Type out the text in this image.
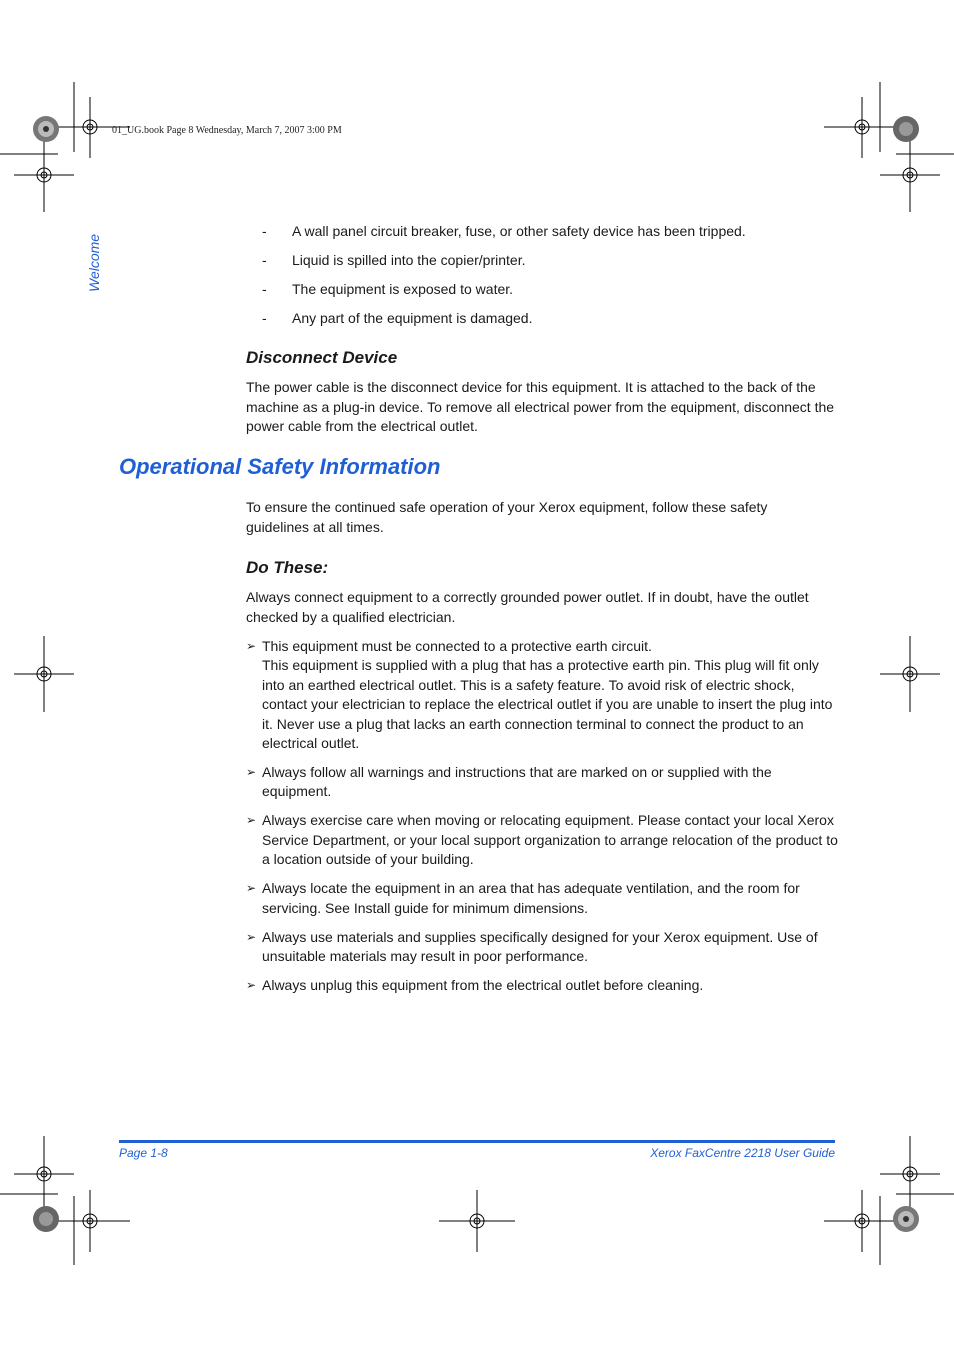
01_UG.book Page 8 Wednesday, March 7, 2007 3:00 PM
Welcome
-	A wall panel circuit breaker, fuse, or other safety device has been tripped.
-	Liquid is spilled into the copier/printer.
-	The equipment is exposed to water.
-	Any part of the equipment is damaged.
Disconnect Device
The power cable is the disconnect device for this equipment. It is attached to the back of the machine as a plug-in device. To remove all electrical power from the equipment, disconnect the power cable from the electrical outlet.
Operational Safety Information
To ensure the continued safe operation of your Xerox equipment, follow these safety guidelines at all times.
Do These:
Always connect equipment to a correctly grounded power outlet. If in doubt, have the outlet checked by a qualified electrician.
➢ This equipment must be connected to a protective earth circuit.
This equipment is supplied with a plug that has a protective earth pin. This plug will fit only into an earthed electrical outlet. This is a safety feature. To avoid risk of electric shock, contact your electrician to replace the electrical outlet if you are unable to insert the plug into it. Never use a plug that lacks an earth connection terminal to connect the product to an electrical outlet.
➢ Always follow all warnings and instructions that are marked on or supplied with the equipment.
➢ Always exercise care when moving or relocating equipment. Please contact your local Xerox Service Department, or your local support organization to arrange relocation of the product to a location outside of your building.
➢ Always locate the equipment in an area that has adequate ventilation, and the room for servicing. See Install guide for minimum dimensions.
➢ Always use materials and supplies specifically designed for your Xerox equipment. Use of unsuitable materials may result in poor performance.
➢ Always unplug this equipment from the electrical outlet before cleaning.
Page 1-8	Xerox FaxCentre 2218 User Guide
